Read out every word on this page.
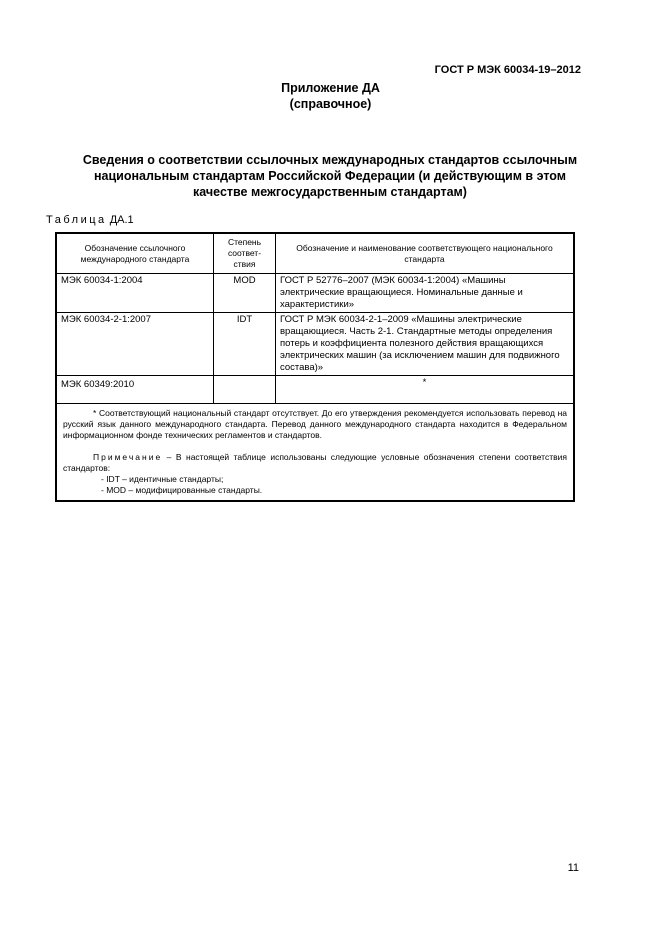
ГОСТ Р МЭК 60034-19–2012
Приложение ДА
(справочное)
Сведения о соответствии ссылочных международных стандартов ссылочным
национальным стандартам Российской Федерации (и действующим в этом
качестве межгосударственным стандартам)
Таблица ДА.1
Обозначение ссылочного международного стандарта	Степень соответ-ствия	Обозначение и наименование соответствующего национального стандарта
МЭК 60034-1:2004	MOD	ГОСТ Р 52776–2007 (МЭК 60034-1:2004) «Машины электрические вращающиеся. Номинальные данные и характеристики»
МЭК 60034-2-1:2007	IDT	ГОСТ Р МЭК 60034-2-1–2009 «Машины электрические вращающиеся. Часть 2-1. Стандартные методы определения потерь и коэффициента полезного действия вращающихся электрических машин (за исключением машин для подвижного состава)»
МЭК 60349:2010		*

* Соответствующий национальный стандарт отсутствует. До его утверждения рекомендуется использовать перевод на русский язык данного международного стандарта. Перевод данного международного стандарта находится в Федеральном информационном фонде технических регламентов и стандартов.

Примечание – В настоящей таблице использованы следующие условные обозначения степени соответствия стандартов:

- IDT – идентичные стандарты;

- MOD – модифицированные стандарты.		

11
